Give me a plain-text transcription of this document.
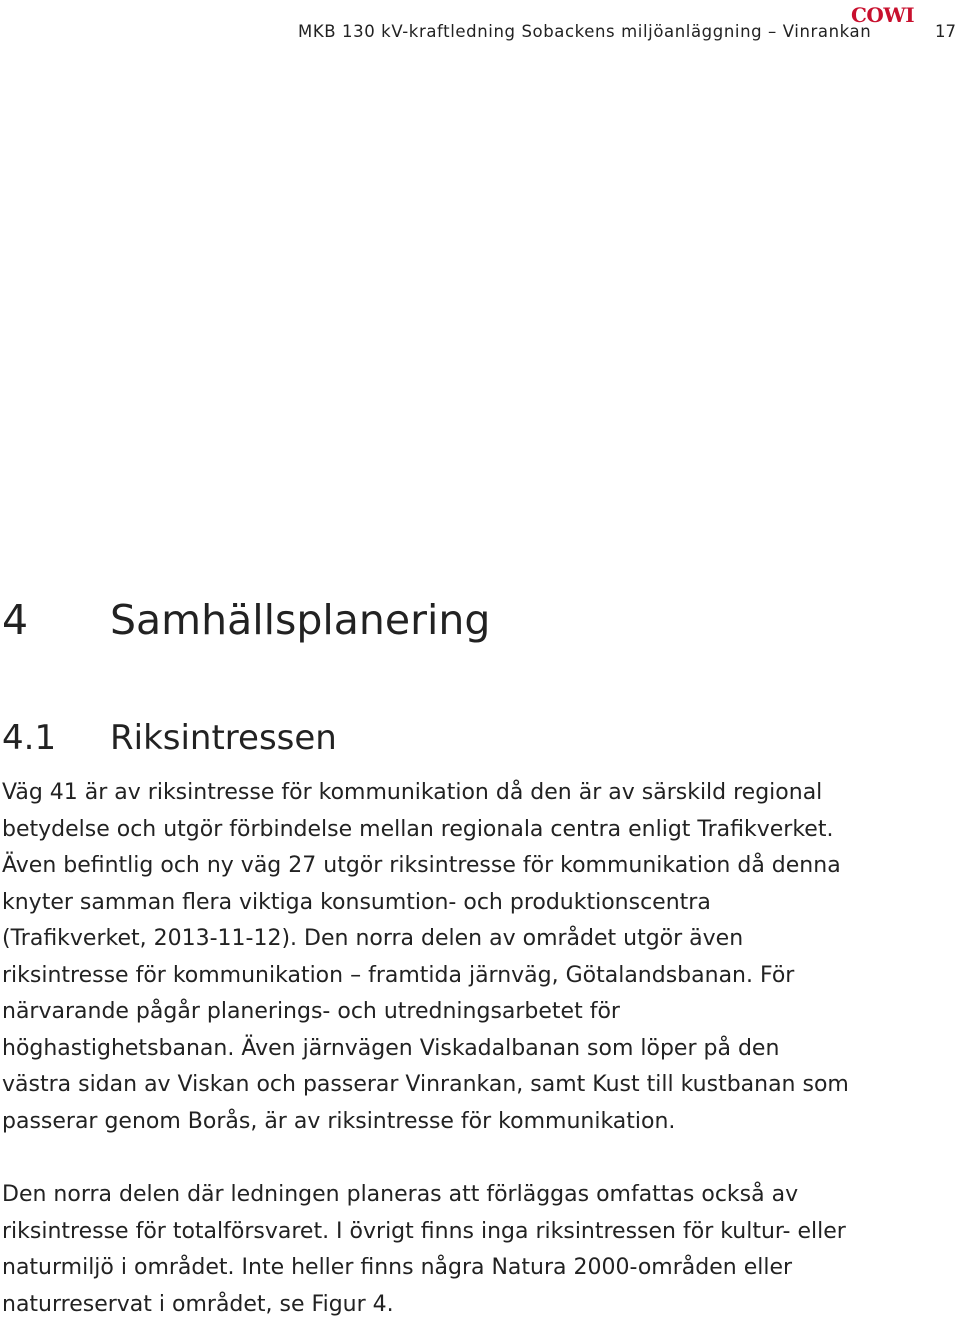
MKB 130 kV-kraftledning Sobackens miljöanläggning – Vinrankan
COWI
17
4	Samhällsplanering
4.1	Riksintressen

Väg 41 är av riksintresse för kommunikation då den är av särskild regional
betydelse och utgör förbindelse mellan regionala centra enligt Trafikverket.
Även befintlig och ny väg 27 utgör riksintresse för kommunikation då denna
knyter samman flera viktiga konsumtion- och produktionscentra
(Trafikverket, 2013-11-12). Den norra delen av området utgör även
riksintresse för kommunikation – framtida järnväg, Götalandsbanan. För
närvarande pågår planerings- och utredningsarbetet för
höghastighetsbanan. Även järnvägen Viskadalbanan som löper på den
västra sidan av Viskan och passerar Vinrankan, samt Kust till kustbanan som
passerar genom Borås, är av riksintresse för kommunikation.

Den norra delen där ledningen planeras att förläggas omfattas också av
riksintresse för totalförsvaret. I övrigt finns inga riksintressen för kultur- eller
naturmiljö i området. Inte heller finns några Natura 2000-områden eller
naturreservat i området, se Figur 4.
